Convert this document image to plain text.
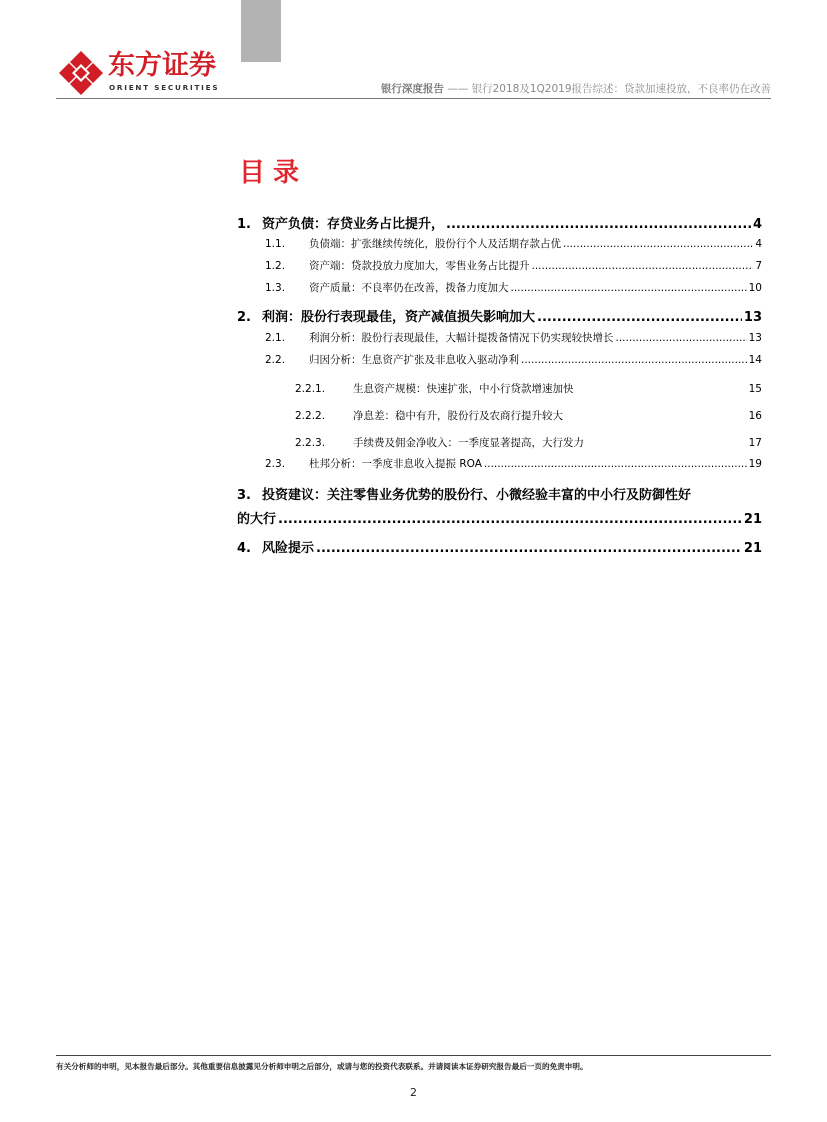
东方证券
ORIENT SECURITIES	银行深度报告 —— 银行2018及1Q2019报告综述：贷款加速投放，不良率仍在改善
目录
1. 资产负债：存贷业务占比提升， .....	4
1.1.	负债端：扩张继续传统化，股份行个人及活期存款占优 .....	4
1.2.	资产端：贷款投放力度加大，零售业务占比提升 .....	7
1.3.	资产质量：不良率仍在改善，拨备力度加大 .....	10
2. 利润：股份行表现最佳，资产减值损失影响加大 .....	13
2.1.	利润分析：股份行表现最佳，大幅计提拨备情况下仍实现较快增长 .....	13
2.2.	归因分析：生息资产扩张及非息收入驱动净利 .....	14
2.2.1.	生息资产规模：快速扩张，中小行贷款增速加快	15
2.2.2.	净息差：稳中有升，股份行及农商行提升较大	16
2.2.3.	手续费及佣金净收入：一季度显著提高，大行发力	17
2.3.	杜邦分析：一季度非息收入提振 ROA .....	19
3. 投资建议：关注零售业务优势的股份行、小微经验丰富的中小行及防御性好
的大行 .....	21
4. 风险提示 .....	21
有关分析师的申明，见本报告最后部分。其他重要信息披露见分析师申明之后部分，或请与您的投资代表联系。并请阅读本证券研究报告最后一页的免责申明。
2
